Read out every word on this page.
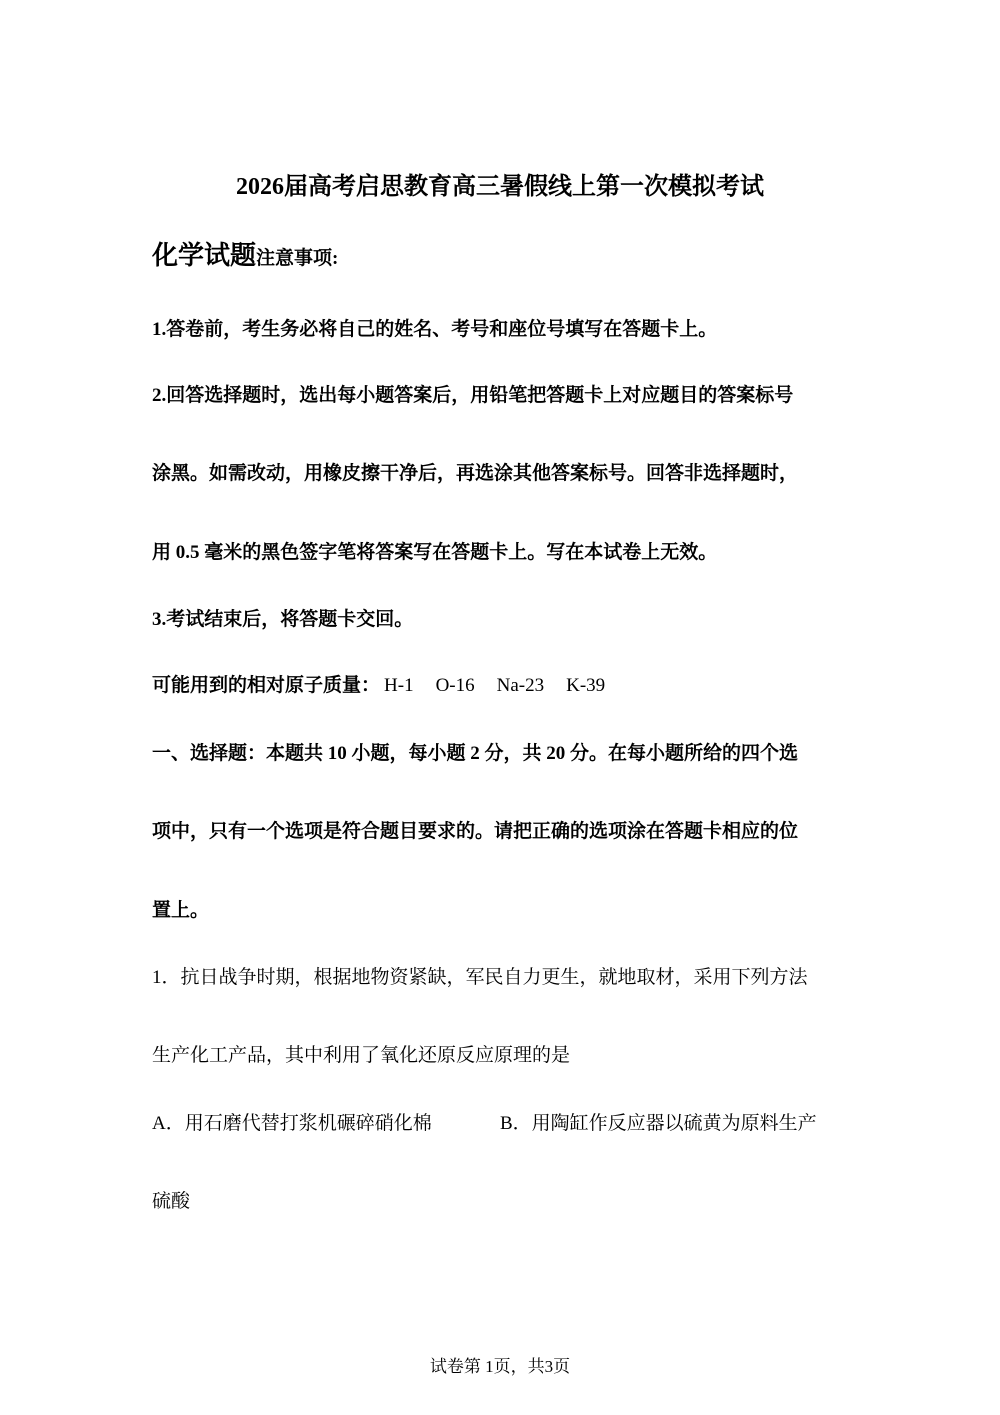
2026届高考启思教育高三暑假线上第一次模拟考试
化学试题注意事项:
1.答卷前，考生务必将自己的姓名、考号和座位号填写在答题卡上。
2.回答选择题时，选出每小题答案后，用铅笔把答题卡上对应题目的答案标号
涂黑。如需改动，用橡皮擦干净后，再选涂其他答案标号。回答非选择题时，
用 0.5 毫米的黑色签字笔将答案写在答题卡上。写在本试卷上无效。
3.考试结束后，将答题卡交回。
可能用到的相对原子质量： H-1 O-16 Na-23 K-39
一、选择题：本题共 10 小题，每小题 2 分，共 20 分。在每小题所给的四个选
项中，只有一个选项是符合题目要求的。请把正确的选项涂在答题卡相应的位
置上。
1．抗日战争时期，根据地物资紧缺，军民自力更生，就地取材，采用下列方法
生产化工产品，其中利用了氧化还原反应原理的是
A．用石磨代替打浆机碾碎硝化棉	B．用陶缸作反应器以硫黄为原料生产
硫酸
试卷第 1页，共3页
